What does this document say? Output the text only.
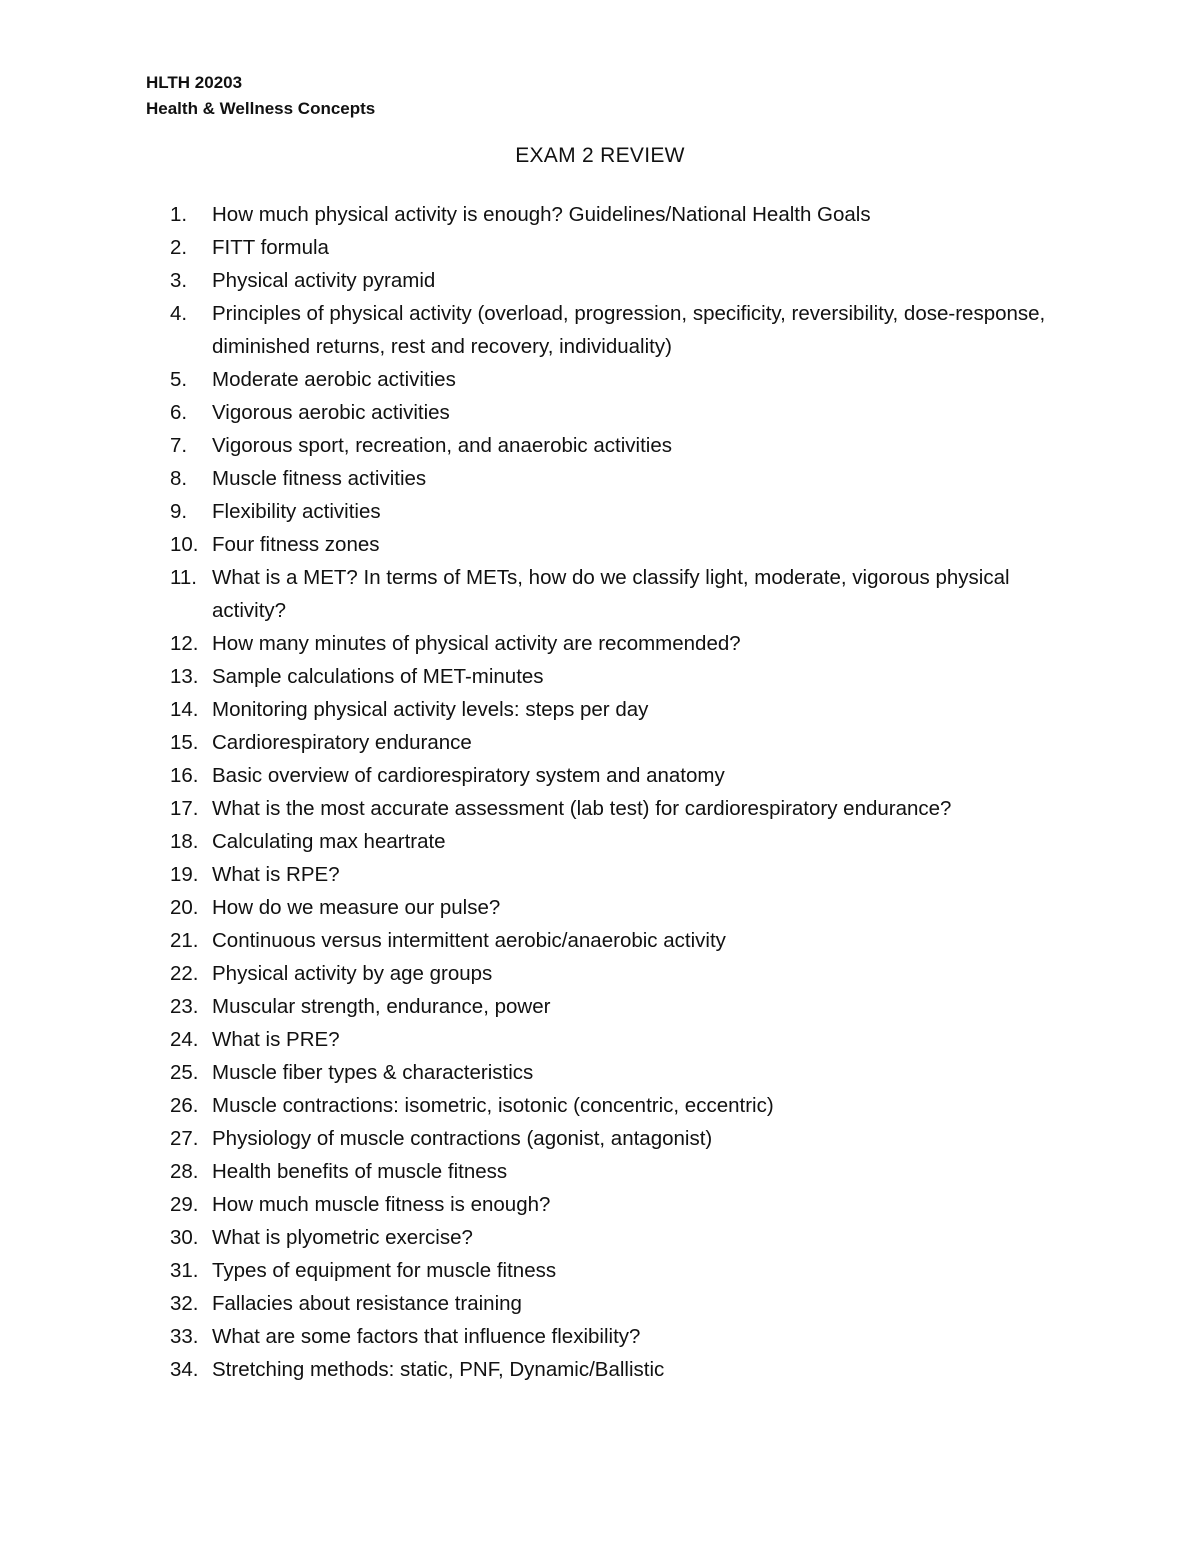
HLTH 20203
Health & Wellness Concepts
EXAM 2 REVIEW
1.	How much physical activity is enough? Guidelines/National Health Goals
2.	FITT formula
3.	Physical activity pyramid
4.	Principles of physical activity (overload, progression, specificity, reversibility, dose-response, diminished returns, rest and recovery, individuality)
5.	Moderate aerobic activities
6.	Vigorous aerobic activities
7.	Vigorous sport, recreation, and anaerobic activities
8.	Muscle fitness activities
9.	Flexibility activities
10. Four fitness zones
11. What is a MET? In terms of METs, how do we classify light, moderate, vigorous physical activity?
12. How many minutes of physical activity are recommended?
13. Sample calculations of MET-minutes
14. Monitoring physical activity levels: steps per day
15. Cardiorespiratory endurance
16. Basic overview of cardiorespiratory system and anatomy
17. What is the most accurate assessment (lab test) for cardiorespiratory endurance?
18. Calculating max heartrate
19. What is RPE?
20. How do we measure our pulse?
21. Continuous versus intermittent aerobic/anaerobic activity
22. Physical activity by age groups
23. Muscular strength, endurance, power
24. What is PRE?
25. Muscle fiber types & characteristics
26. Muscle contractions: isometric, isotonic (concentric, eccentric)
27. Physiology of muscle contractions (agonist, antagonist)
28. Health benefits of muscle fitness
29. How much muscle fitness is enough?
30. What is plyometric exercise?
31. Types of equipment for muscle fitness
32. Fallacies about resistance training
33. What are some factors that influence flexibility?
34. Stretching methods: static, PNF, Dynamic/Ballistic
